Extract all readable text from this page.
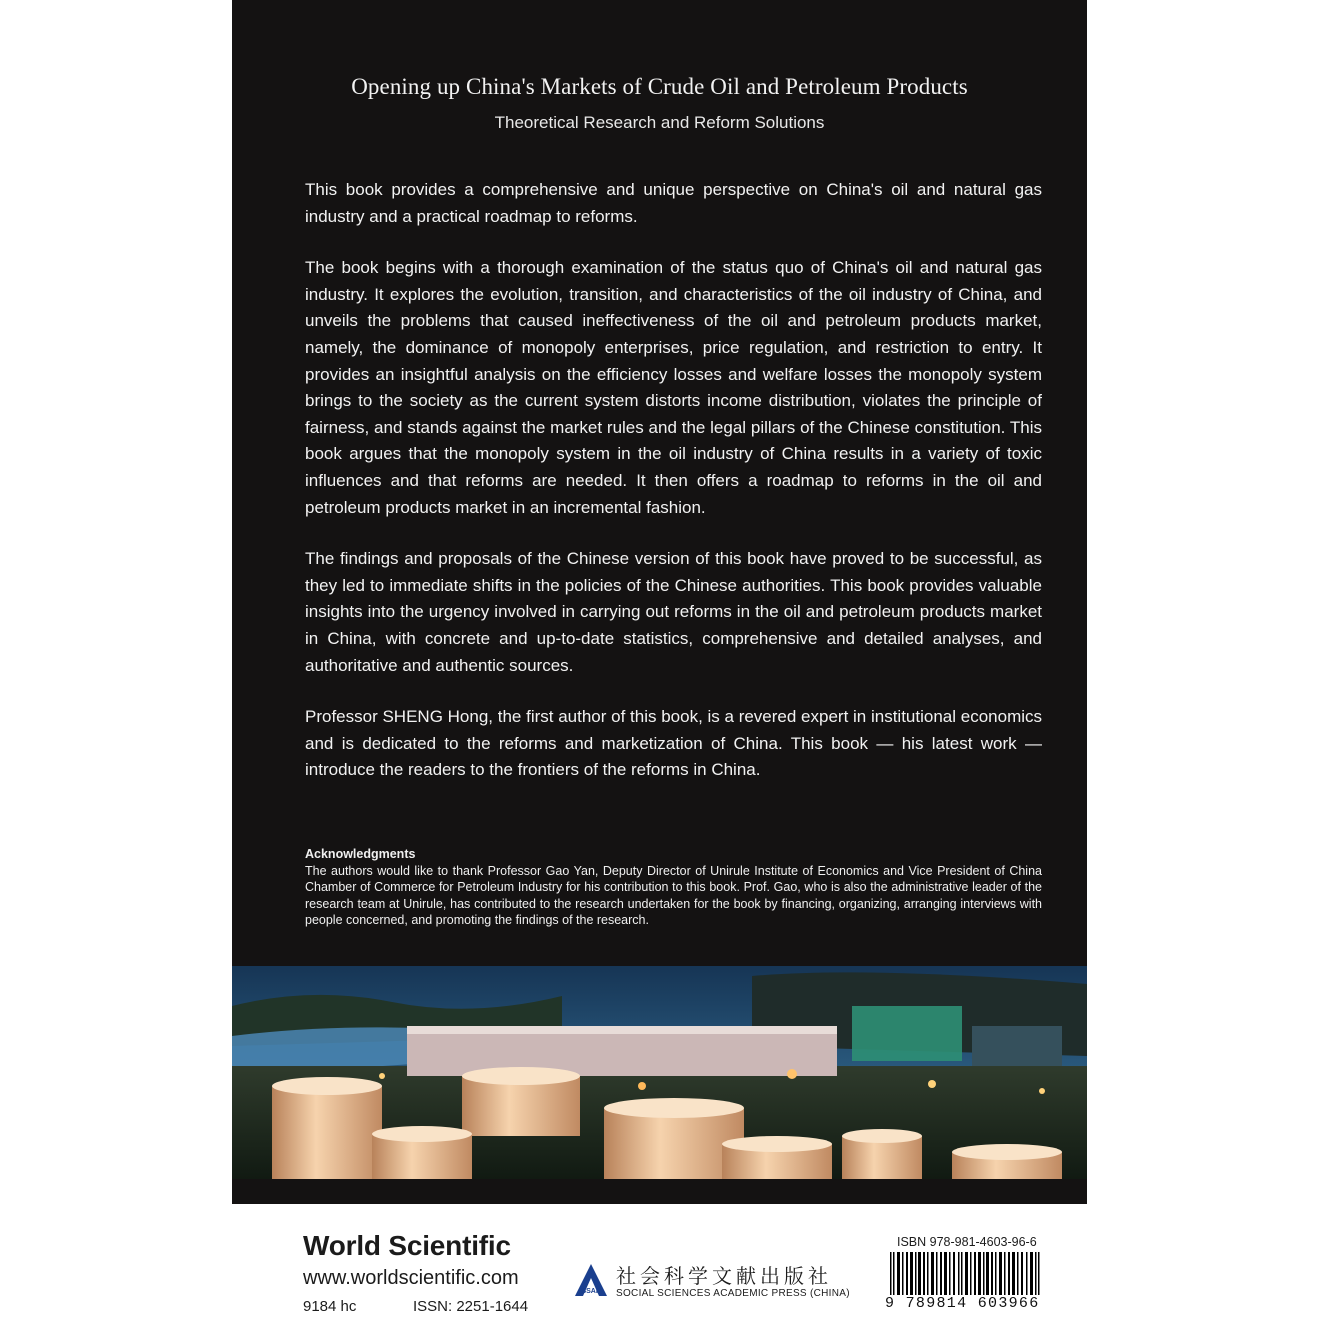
Opening up China's Markets of Crude Oil and Petroleum Products
Theoretical Research and Reform Solutions

This book provides a comprehensive and unique perspective on China's oil and natural gas industry and a practical roadmap to reforms.

The book begins with a thorough examination of the status quo of China's oil and natural gas industry. It explores the evolution, transition, and characteristics of the oil industry of China, and unveils the problems that caused ineffectiveness of the oil and petroleum products market, namely, the dominance of monopoly enterprises, price regulation, and restriction to entry. It provides an insightful analysis on the efficiency losses and welfare losses the monopoly system brings to the society as the current system distorts income distribution, violates the principle of fairness, and stands against the market rules and the legal pillars of the Chinese constitution. This book argues that the monopoly system in the oil industry of China results in a variety of toxic influences and that reforms are needed. It then offers a roadmap to reforms in the oil and petroleum products market in an incremental fashion.

The findings and proposals of the Chinese version of this book have proved to be successful, as they led to immediate shifts in the policies of the Chinese authorities. This book provides valuable insights into the urgency involved in carrying out reforms in the oil and petroleum products market in China, with concrete and up-to-date statistics, comprehensive and detailed analyses, and authoritative and authentic sources.

Professor SHENG Hong, the first author of this book, is a revered expert in institutional economics and is dedicated to the reforms and marketization of China. This book — his latest work — introduce the readers to the frontiers of the reforms in China.

Acknowledgments
The authors would like to thank Professor Gao Yan, Deputy Director of Unirule Institute of Economics and Vice President of China Chamber of Commerce for Petroleum Industry for his contribution to this book. Prof. Gao, who is also the administrative leader of the research team at Unirule, has contributed to the research undertaken for the book by financing, organizing, arranging interviews with people concerned, and promoting the findings of the research.
World Scientific
www.worldscientific.com
9184 hc	ISSN: 2251-1644
SSAP
社会科学文献出版社
SOCIAL SCIENCES ACADEMIC PRESS (CHINA)
ISBN 978-981-4603-96-6
9 789814 603966
